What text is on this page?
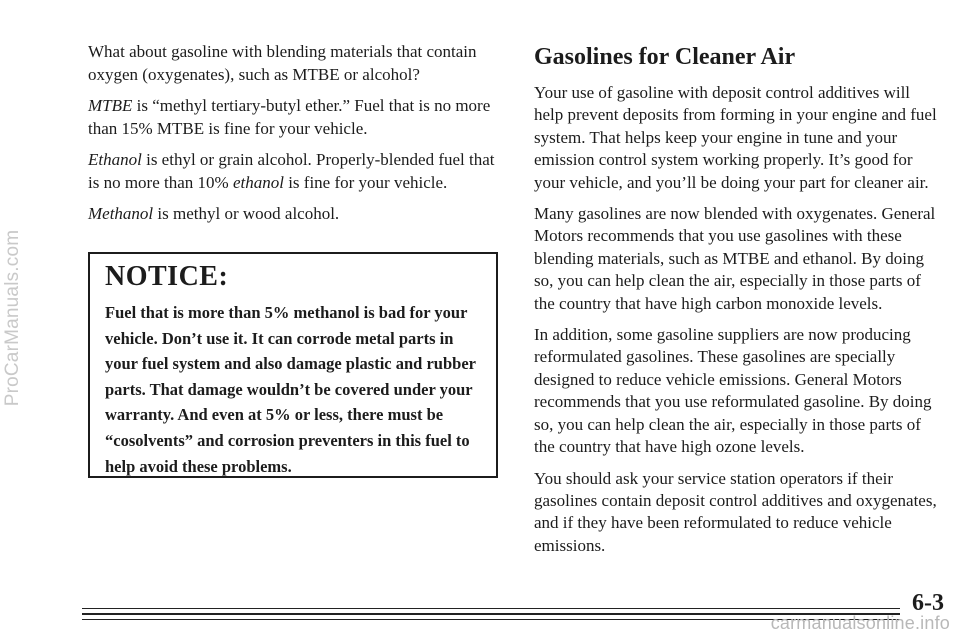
ProCarManuals.com

What about gasoline with blending materials that contain oxygen (oxygenates), such as MTBE or alcohol?

MTBE is “methyl tertiary-butyl ether.” Fuel that is no more than 15% MTBE is fine for your vehicle.

Ethanol is ethyl or grain alcohol. Properly-blended fuel that is no more than 10% ethanol is fine for your vehicle.

Methanol is methyl or wood alcohol.

NOTICE:

Fuel that is more than 5% methanol is bad for your vehicle. Don’t use it. It can corrode metal parts in your fuel system and also damage plastic and rubber parts. That damage wouldn’t be covered under your warranty. And even at 5% or less, there must be “cosolvents” and corrosion preventers in this fuel to help avoid these problems.

Gasolines for Cleaner Air

Your use of gasoline with deposit control additives will help prevent deposits from forming in your engine and fuel system. That helps keep your engine in tune and your emission control system working properly. It’s good for your vehicle, and you’ll be doing your part for cleaner air.

Many gasolines are now blended with oxygenates. General Motors recommends that you use gasolines with these blending materials, such as MTBE and ethanol. By doing so, you can help clean the air, especially in those parts of the country that have high carbon monoxide levels.

In addition, some gasoline suppliers are now producing reformulated gasolines. These gasolines are specially designed to reduce vehicle emissions. General Motors recommends that you use reformulated gasoline. By doing so, you can help clean the air, especially in those parts of the country that have high ozone levels.

You should ask your service station operators if their gasolines contain deposit control additives and oxygenates, and if they have been reformulated to reduce vehicle emissions.

6-3
carmanualsonline.info
